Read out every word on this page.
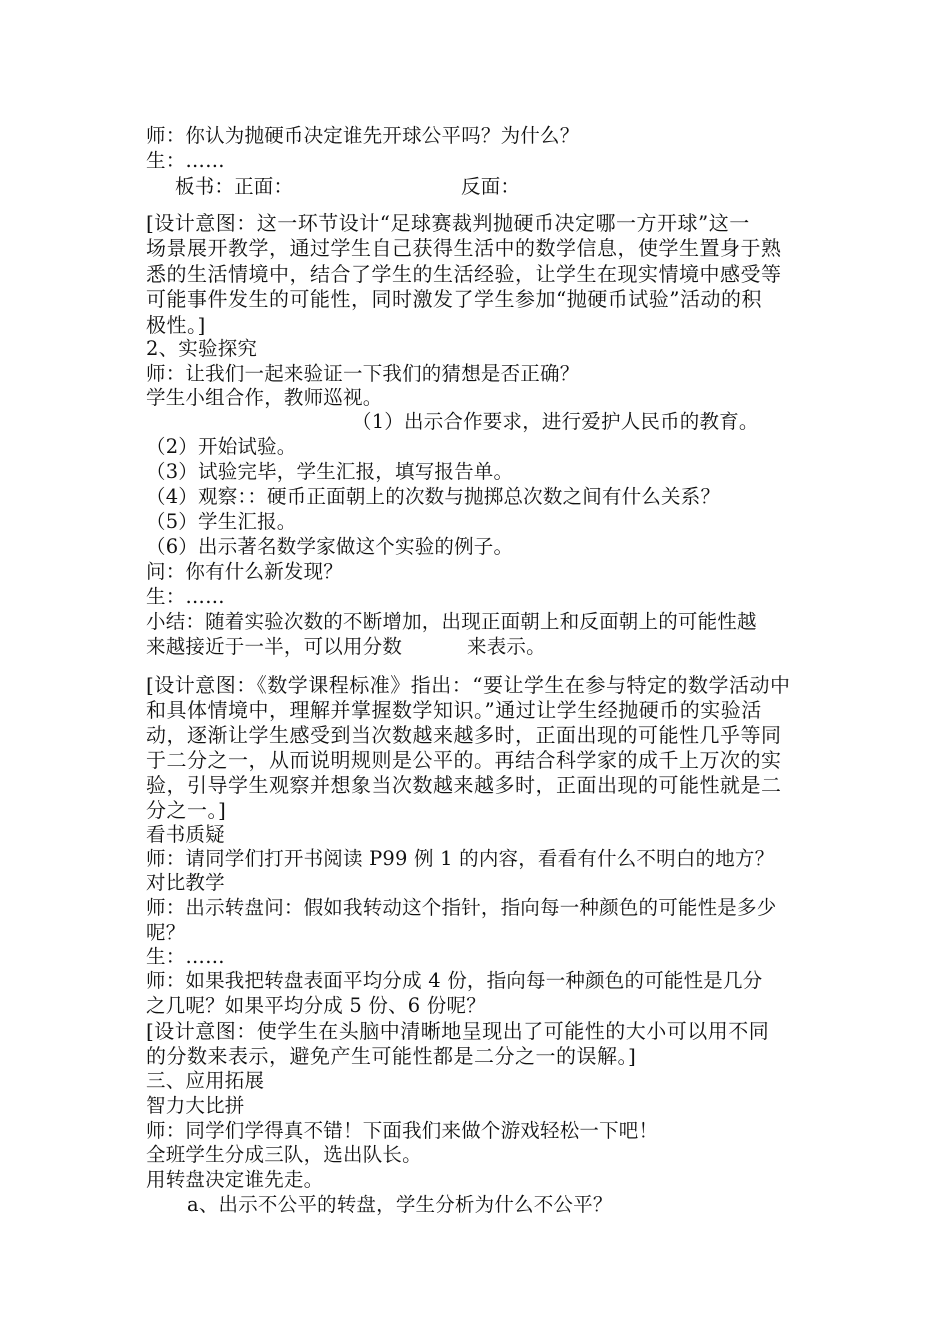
师：你认为抛硬币决定谁先开球公平吗？为什么？
生：……
板书：正面：	反面：
[设计意图：这一环节设计“足球赛裁判抛硬币决定哪一方开球”这一
场景展开教学，通过学生自己获得生活中的数学信息，使学生置身于熟
悉的生活情境中，结合了学生的生活经验，让学生在现实情境中感受等
可能事件发生的可能性，同时激发了学生参加“抛硬币试验”活动的积
极性。]
2、实验探究
师：让我们一起来验证一下我们的猜想是否正确？
学生小组合作，教师巡视。
（1）出示合作要求，进行爱护人民币的教育。
（2）开始试验。
（3）试验完毕，学生汇报，填写报告单。
（4）观察：：硬币正面朝上的次数与抛掷总次数之间有什么关系？
（5）学生汇报。
（6）出示著名数学家做这个实验的例子。
问：你有什么新发现？
生：……
小结：随着实验次数的不断增加，出现正面朝上和反面朝上的可能性越
来越接近于一半，可以用分数	来表示。
[设计意图：《数学课程标准》指出：“要让学生在参与特定的数学活动中
和具体情境中，理解并掌握数学知识。”通过让学生经抛硬币的实验活
动，逐渐让学生感受到当次数越来越多时，正面出现的可能性几乎等同
于二分之一，从而说明规则是公平的。再结合科学家的成千上万次的实
验，引导学生观察并想象当次数越来越多时，正面出现的可能性就是二
分之一。]
看书质疑
师：请同学们打开书阅读 P99 例 1 的内容，看看有什么不明白的地方？
对比教学
师：出示转盘问：假如我转动这个指针，指向每一种颜色的可能性是多少
呢？
生：……
师：如果我把转盘表面平均分成 4 份，指向每一种颜色的可能性是几分
之几呢？如果平均分成 5 份、6 份呢？
[设计意图：使学生在头脑中清晰地呈现出了可能性的大小可以用不同
的分数来表示，避免产生可能性都是二分之一的误解。]
三、应用拓展
智力大比拼
师：同学们学得真不错！下面我们来做个游戏轻松一下吧！
全班学生分成三队，选出队长。
用转盘决定谁先走。
a、出示不公平的转盘，学生分析为什么不公平？
